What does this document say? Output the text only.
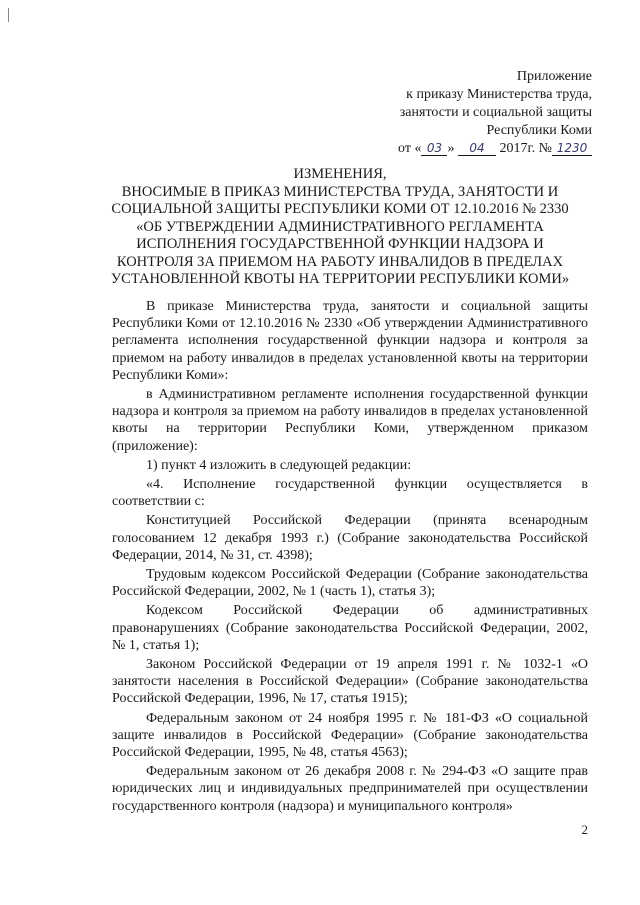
Приложение
к приказу Министерства труда,
занятости и социальной защиты
Республики Коми
от « 03 » 04 2017г. № 1230
ИЗМЕНЕНИЯ,
ВНОСИМЫЕ В ПРИКАЗ МИНИСТЕРСТВА ТРУДА, ЗАНЯТОСТИ И
СОЦИАЛЬНОЙ ЗАЩИТЫ РЕСПУБЛИКИ КОМИ ОТ 12.10.2016 № 2330
«ОБ УТВЕРЖДЕНИИ АДМИНИСТРАТИВНОГО РЕГЛАМЕНТА
ИСПОЛНЕНИЯ ГОСУДАРСТВЕННОЙ ФУНКЦИИ НАДЗОРА И
КОНТРОЛЯ ЗА ПРИЕМОМ НА РАБОТУ ИНВАЛИДОВ В ПРЕДЕЛАХ
УСТАНОВЛЕННОЙ КВОТЫ НА ТЕРРИТОРИИ РЕСПУБЛИКИ КОМИ»

В приказе Министерства труда, занятости и социальной защиты Республики Коми от 12.10.2016 № 2330 «Об утверждении Административного регламента исполнения государственной функции надзора и контроля за приемом на работу инвалидов в пределах установленной квоты на территории Республики Коми»:

в Административном регламенте исполнения государственной функции надзора и контроля за приемом на работу инвалидов в пределах установленной квоты на территории Республики Коми, утвержденном приказом (приложение):

1) пункт 4 изложить в следующей редакции:

«4. Исполнение государственной функции осуществляется в соответствии с:

Конституцией Российской Федерации (принята всенародным голосованием 12 декабря 1993 г.) (Собрание законодательства Российской Федерации, 2014, № 31, ст. 4398);

Трудовым кодексом Российской Федерации (Собрание законодательства Российской Федерации, 2002, № 1 (часть 1), статья 3);

Кодексом Российской Федерации об административных правонарушениях (Собрание законодательства Российской Федерации, 2002, № 1, статья 1);

Законом Российской Федерации от 19 апреля 1991 г. № 1032-1 «О занятости населения в Российской Федерации» (Собрание законодательства Российской Федерации, 1996, № 17, статья 1915);

Федеральным законом от 24 ноября 1995 г. № 181-ФЗ «О социальной защите инвалидов в Российской Федерации» (Собрание законодательства Российской Федерации, 1995, № 48, статья 4563);

Федеральным законом от 26 декабря 2008 г. № 294-ФЗ «О защите прав юридических лиц и индивидуальных предпринимателей при осуществлении государственного контроля (надзора) и муниципального контроля»

2
